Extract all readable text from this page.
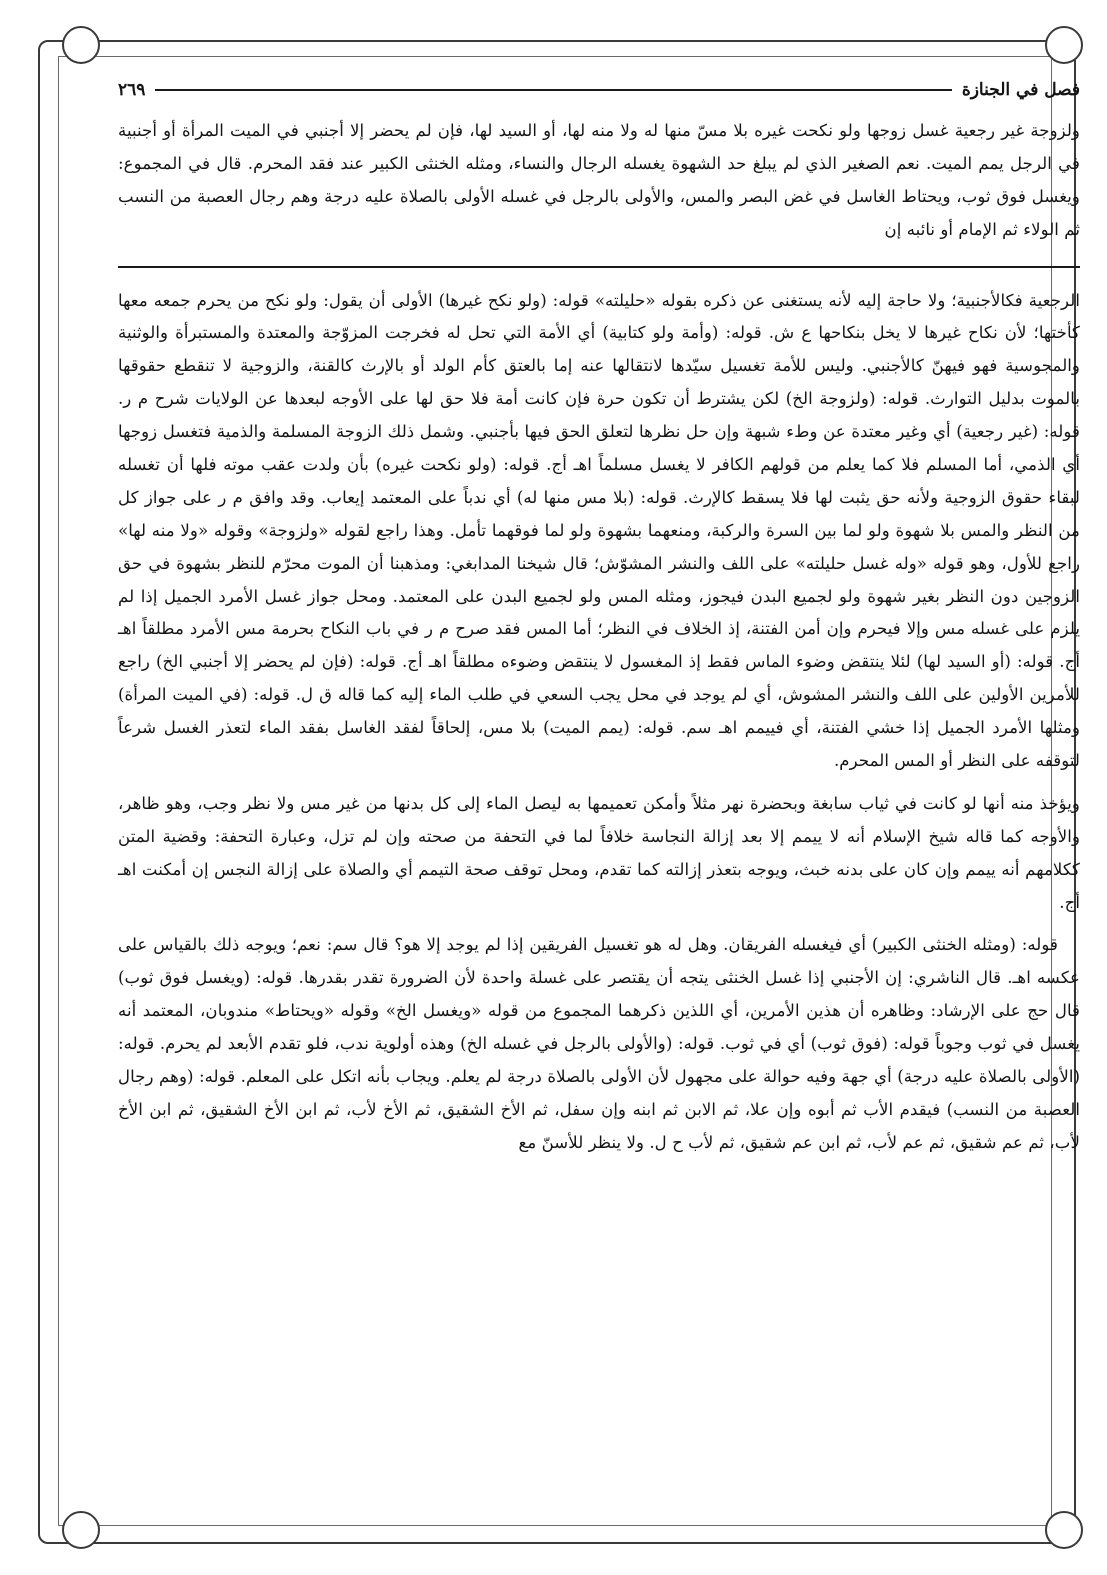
فصل في الجنازة
٢٦٩

ولزوجة غير رجعية غسل زوجها ولو نكحت غيره بلا مسّ منها له ولا منه لها، أو السيد لها، فإن لم يحضر إلا أجنبي في الميت المرأة أو أجنبية في الرجل يمم الميت. نعم الصغير الذي لم يبلغ حد الشهوة يغسله الرجال والنساء، ومثله الخنثى الكبير عند فقد المحرم. قال في المجموع: ويغسل فوق ثوب، ويحتاط الغاسل في غض البصر والمس، والأولى بالرجل في غسله الأولى بالصلاة عليه درجة وهم رجال العصبة من النسب ثم الولاء ثم الإمام أو نائبه إن

الرجعية فكالأجنبية؛ ولا حاجة إليه لأنه يستغنى عن ذكره بقوله «حليلته» قوله: (ولو نكح غيرها) الأولى أن يقول: ولو نكح من يحرم جمعه معها كأختها؛ لأن نكاح غيرها لا يخل بنكاحها ع ش. قوله: (وأمة ولو كتابية) أي الأمة التي تحل له فخرجت المزوّجة والمعتدة والمستبرأة والوثنية والمجوسية فهو فيهنّ كالأجنبي. وليس للأمة تغسيل سيّدها لانتقالها عنه إما بالعتق كأم الولد أو بالإرث كالقنة، والزوجية لا تنقطع حقوقها بالموت بدليل التوارث. قوله: (ولزوجة الخ) لكن يشترط أن تكون حرة فإن كانت أمة فلا حق لها على الأوجه لبعدها عن الولايات شرح م ر. قوله: (غير رجعية) أي وغير معتدة عن وطء شبهة وإن حل نظرها لتعلق الحق فيها بأجنبي. وشمل ذلك الزوجة المسلمة والذمية فتغسل زوجها أي الذمي، أما المسلم فلا كما يعلم من قولهم الكافر لا يغسل مسلماً اهـ أج. قوله: (ولو نكحت غيره) بأن ولدت عقب موته فلها أن تغسله لبقاء حقوق الزوجية ولأنه حق يثبت لها فلا يسقط كالإرث. قوله: (بلا مس منها له) أي ندباً على المعتمد إيعاب. وقد وافق م ر على جواز كل من النظر والمس بلا شهوة ولو لما بين السرة والركبة، ومنعهما بشهوة ولو لما فوقهما تأمل. وهذا راجع لقوله «ولزوجة» وقوله «ولا منه لها» راجع للأول، وهو قوله «وله غسل حليلته» على اللف والنشر المشوّش؛ قال شيخنا المدابغي: ومذهبنا أن الموت محرّم للنظر بشهوة في حق الزوجين دون النظر بغير شهوة ولو لجميع البدن فيجوز، ومثله المس ولو لجميع البدن على المعتمد. ومحل جواز غسل الأمرد الجميل إذا لم يلزم على غسله مس وإلا فيحرم وإن أمن الفتنة، إذ الخلاف في النظر؛ أما المس فقد صرح م ر في باب النكاح بحرمة مس الأمرد مطلقاً اهـ أج. قوله: (أو السيد لها) لئلا ينتقض وضوء الماس فقط إذ المغسول لا ينتقض وضوءه مطلقاً اهـ أج. قوله: (فإن لم يحضر إلا أجنبي الخ) راجع للأمرين الأولين على اللف والنشر المشوش، أي لم يوجد في محل يجب السعي في طلب الماء إليه كما قاله ق ل. قوله: (في الميت المرأة) ومثلها الأمرد الجميل إذا خشي الفتنة، أي فييمم اهـ سم. قوله: (يمم الميت) بلا مس، إلحاقاً لفقد الغاسل بفقد الماء لتعذر الغسل شرعاً لتوقفه على النظر أو المس المحرم.

ويؤخذ منه أنها لو كانت في ثياب سابغة وبحضرة نهر مثلاً وأمكن تعميمها به ليصل الماء إلى كل بدنها من غير مس ولا نظر وجب، وهو ظاهر، والأوجه كما قاله شيخ الإسلام أنه لا ييمم إلا بعد إزالة النجاسة خلافاً لما في التحفة من صحته وإن لم تزل، وعبارة التحفة: وقضية المتن ككلامهم أنه ييمم وإن كان على بدنه خبث، ويوجه بتعذر إزالته كما تقدم، ومحل توقف صحة التيمم أي والصلاة على إزالة النجس إن أمكنت اهـ أج.

قوله: (ومثله الخنثى الكبير) أي فيغسله الفريقان. وهل له هو تغسيل الفريقين إذا لم يوجد إلا هو؟ قال سم: نعم؛ ويوجه ذلك بالقياس على عكسه اهـ. قال الناشري: إن الأجنبي إذا غسل الخنثى يتجه أن يقتصر على غسلة واحدة لأن الضرورة تقدر بقدرها. قوله: (ويغسل فوق ثوب) قال حج على الإرشاد: وظاهره أن هذين الأمرين، أي اللذين ذكرهما المجموع من قوله «ويغسل الخ» وقوله «ويحتاط» مندوبان، المعتمد أنه يغسل في ثوب وجوباً قوله: (فوق ثوب) أي في ثوب. قوله: (والأولى بالرجل في غسله الخ) وهذه أولوية ندب، فلو تقدم الأبعد لم يحرم. قوله: (الأولى بالصلاة عليه درجة) أي جهة وفيه حوالة على مجهول لأن الأولى بالصلاة درجة لم يعلم. ويجاب بأنه اتكل على المعلم. قوله: (وهم رجال العصبة من النسب) فيقدم الأب ثم أبوه وإن علا، ثم الابن ثم ابنه وإن سفل، ثم الأخ الشقيق، ثم الأخ لأب، ثم ابن الأخ الشقيق، ثم ابن الأخ لأب، ثم عم شقيق، ثم عم لأب، ثم ابن عم شقيق، ثم لأب ح ل. ولا ينظر للأسنّ مع
